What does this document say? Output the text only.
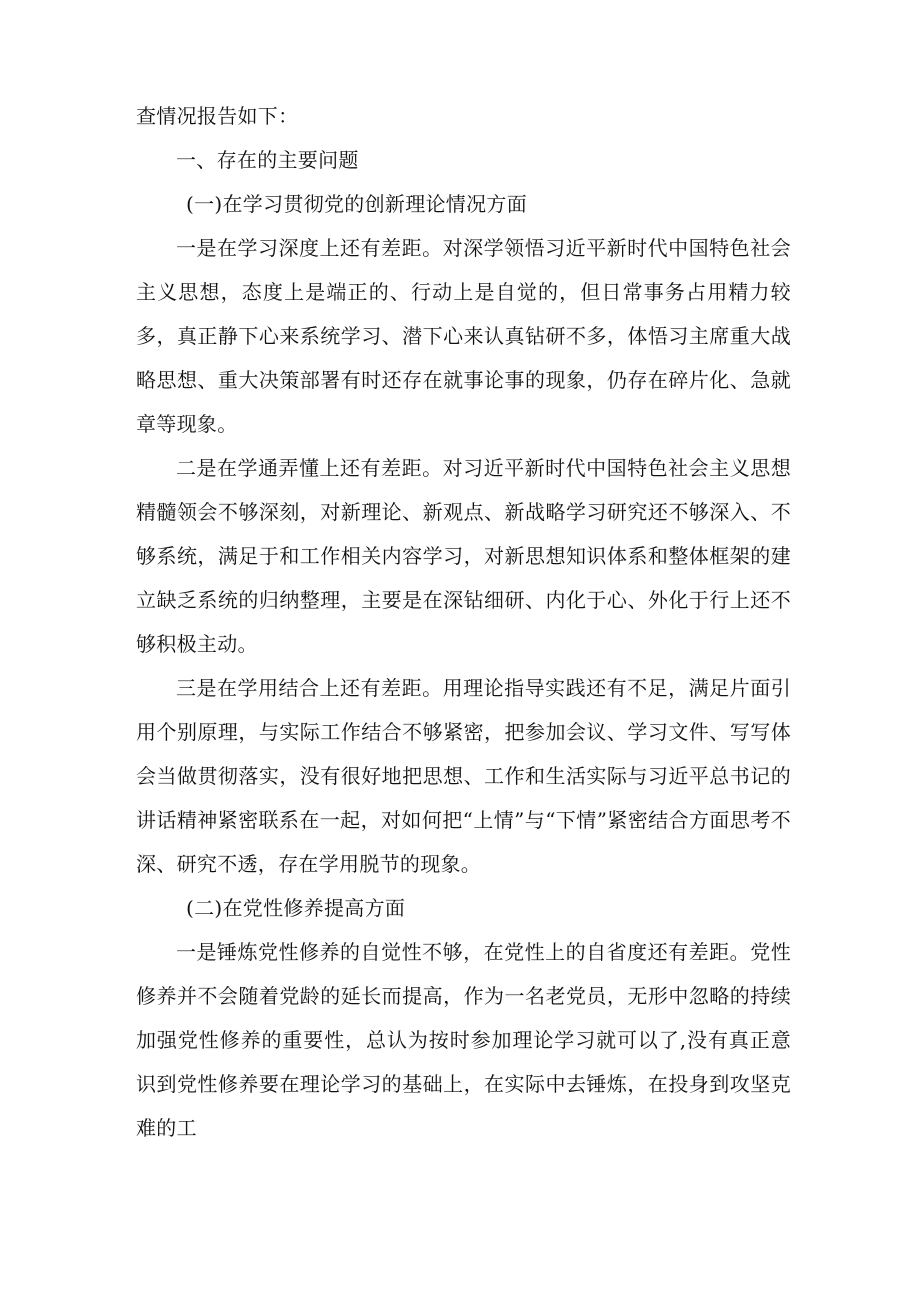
查情况报告如下：

一、存在的主要问题

(一)在学习贯彻党的创新理论情况方面

一是在学习深度上还有差距。对深学领悟习近平新时代中国特色社会主义思想，态度上是端正的、行动上是自觉的，但日常事务占用精力较多，真正静下心来系统学习、潜下心来认真钻研不多，体悟习主席重大战略思想、重大决策部署有时还存在就事论事的现象，仍存在碎片化、急就章等现象。

二是在学通弄懂上还有差距。对习近平新时代中国特色社会主义思想精髓领会不够深刻，对新理论、新观点、新战略学习研究还不够深入、不够系统，满足于和工作相关内容学习，对新思想知识体系和整体框架的建立缺乏系统的归纳整理，主要是在深钻细研、内化于心、外化于行上还不够积极主动。

三是在学用结合上还有差距。用理论指导实践还有不足，满足片面引用个别原理，与实际工作结合不够紧密，把参加会议、学习文件、写写体会当做贯彻落实，没有很好地把思想、工作和生活实际与习近平总书记的讲话精神紧密联系在一起，对如何把“上情”与“下情”紧密结合方面思考不深、研究不透，存在学用脱节的现象。

(二)在党性修养提高方面

一是锤炼党性修养的自觉性不够，在党性上的自省度还有差距。党性修养并不会随着党龄的延长而提高，作为一名老党员，无形中忽略的持续加强党性修养的重要性，总认为按时参加理论学习就可以了,没有真正意识到党性修养要在理论学习的基础上，在实际中去锤炼，在投身到攻坚克难的工
